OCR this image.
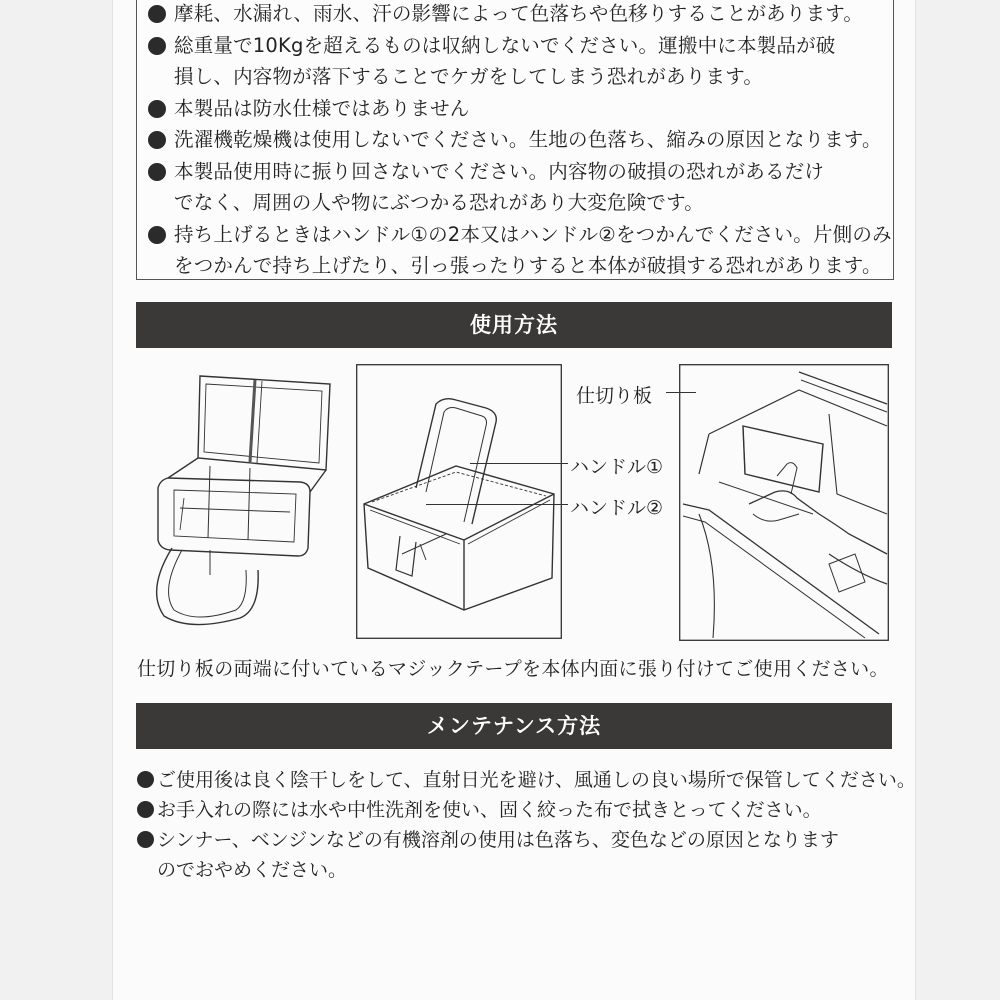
摩耗、水漏れ、雨水、汗の影響によって色落ちや色移りすることがあります。
総重量で10Kgを超えるものは収納しないでください。運搬中に本製品が破
損し、内容物が落下することでケガをしてしまう恐れがあります。
本製品は防水仕様ではありません
洗濯機乾燥機は使用しないでください。生地の色落ち、縮みの原因となります。
本製品使用時に振り回さないでください。内容物の破損の恐れがあるだけ
でなく、周囲の人や物にぶつかる恐れがあり大変危険です。
持ち上げるときはハンドル①の2本又はハンドル②をつかんでください。片側のみ
をつかんで持ち上げたり、引っ張ったりすると本体が破損する恐れがあります。
使用方法
ハンドル①
ハンドル②
仕切り板
仕切り板の両端に付いているマジックテープを本体内面に張り付けてご使用ください。
メンテナンス方法
ご使用後は良く陰干しをして、直射日光を避け、風通しの良い場所で保管してください。
お手入れの際には水や中性洗剤を使い、固く絞った布で拭きとってください。
シンナー、ベンジンなどの有機溶剤の使用は色落ち、変色などの原因となります
のでおやめください。
